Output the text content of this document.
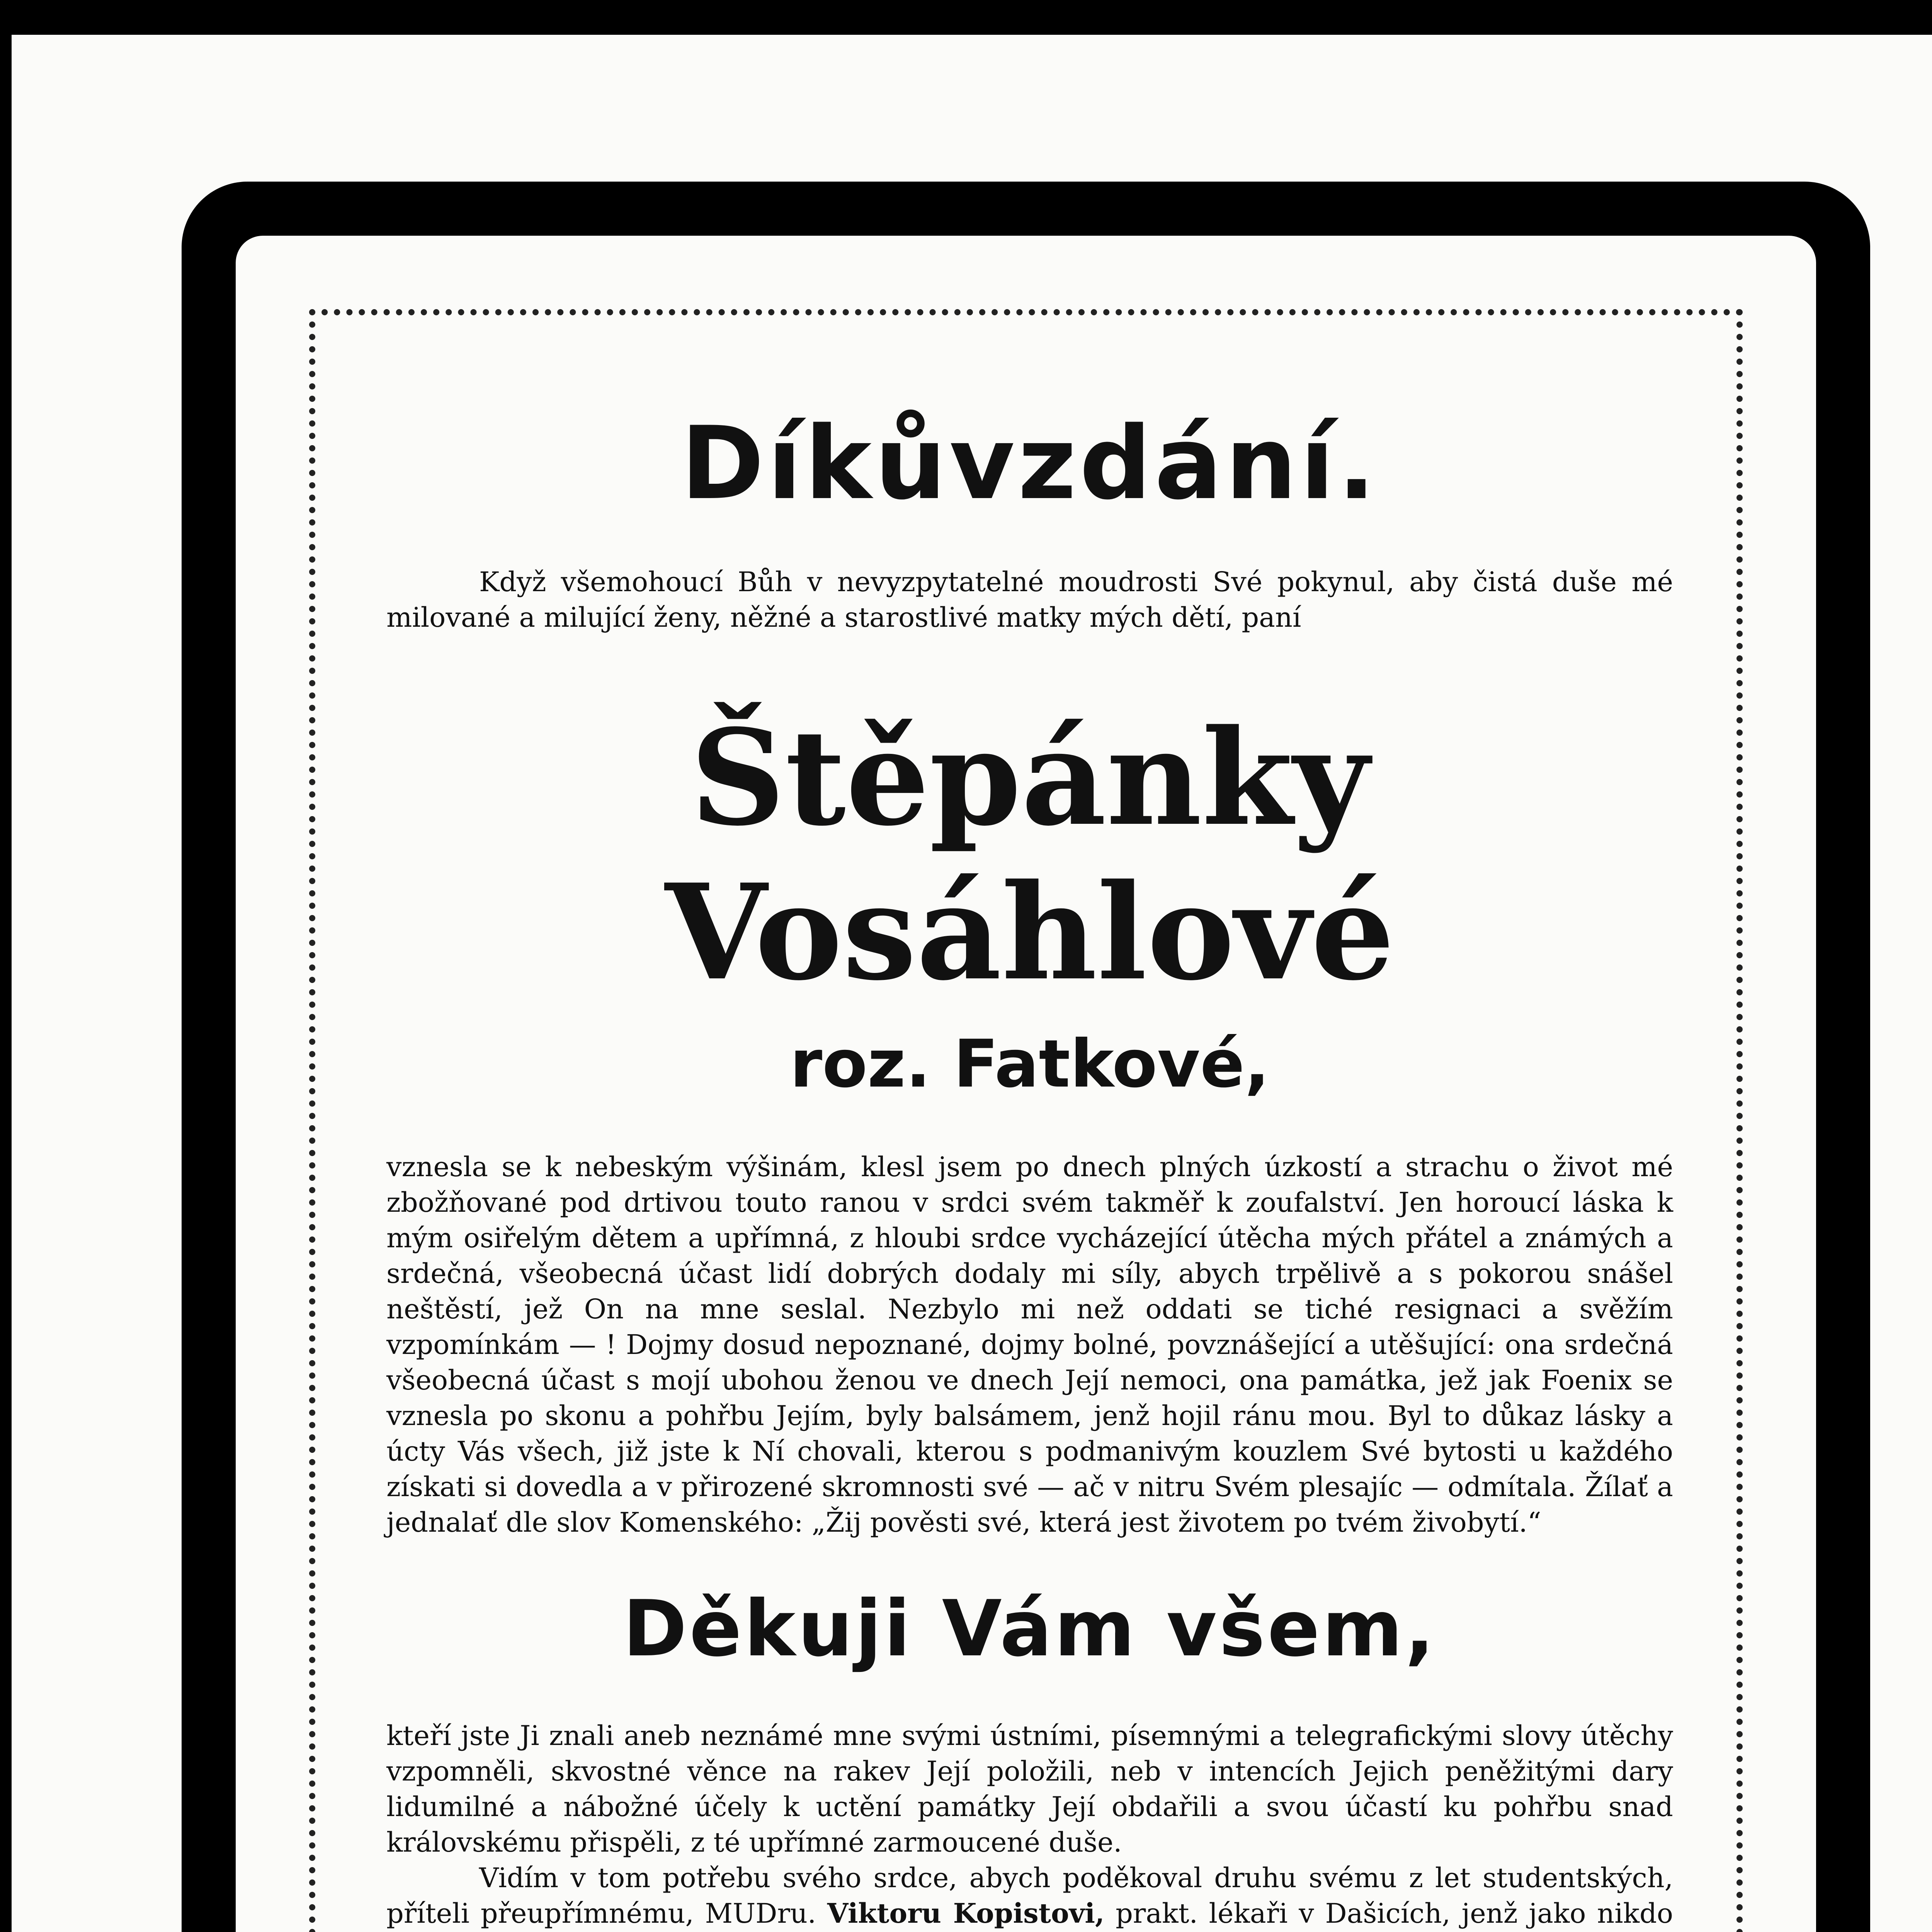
Díkůvzdání.

Když všemohoucí Bůh v nevyzpytatelné moudrosti Své pokynul, aby čistá duše mé milované a milující ženy, něžné a starostlivé matky mých dětí, paní

Štěpánky Vosáhlové
roz. Fatkové,

vznesla se k nebeským výšinám, klesl jsem po dnech plných úzkostí a strachu o život mé zbožňované pod drtivou touto ranou v srdci svém takměř k zoufalství. Jen horoucí láska k mým osiřelým dětem a upřímná, z hloubi srdce vycházející útěcha mých přátel a známých a srdečná, všeobecná účast lidí dobrých dodaly mi síly, abych trpělivě a s pokorou snášel neštěstí, jež On na mne seslal. Nezbylo mi než oddati se tiché resignaci a svěžím vzpomínkám — ! Dojmy dosud nepoznané, dojmy bolné, povznášející a utěšující: ona srdečná všeobecná účast s mojí ubohou ženou ve dnech Její nemoci, ona památka, jež jak Foenix se vznesla po skonu a pohřbu Jejím, byly balsámem, jenž hojil ránu mou. Byl to důkaz lásky a úcty Vás všech, již jste k Ní chovali, kterou s podmanivým kouzlem Své bytosti u každého získati si dovedla a v přirozené skromnosti své — ač v nitru Svém plesajíc — odmítala. Žílať a jednalať dle slov Komenského: „Žij pověsti své, která jest životem po tvém živobytí.“

Děkuji Vám všem,

kteří jste Ji znali aneb neznámé mne svými ústními, písemnými a telegrafickými slovy útěchy vzpomněli, skvostné věnce na rakev Její položili, neb v intencích Jejich peněžitými dary lidumilné a nábožné účely k uctění památky Její obdařili a svou účastí ku pohřbu snad královskému přispěli, z té upřímné zarmoucené duše.

Vidím v tom potřebu svého srdce, abych poděkoval druhu svému z let studentských, příteli přeupřímnému, MUDru. Viktoru Kopistovi, prakt. lékaři v Dašicích, jenž jako nikdo
